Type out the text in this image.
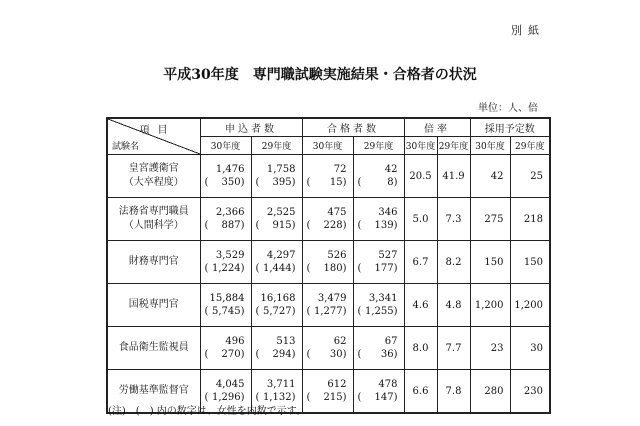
別紙
平成30年度　専門職試験実施結果・合格者の状況
単位：人、倍
項目
試験名	申込者数		合格者数		倍率		採用予定数	
	30年度	29年度	30年度	29年度	30年度	29年度	30年度	29年度

皇宮護衛官
（大卒程度）	1,476	1,758	72	42	20.5	41.9	42	25

	( 350)	( 395)	( 15)	( 8)				

法務省専門職員
（人間科学）	2,366	2,525	475	346	5.0	7.3	275	218

	( 887)	( 915)	( 228)	( 139)				

財務専門官	3,529	4,297	526	527	6.7	8.2	150	150

	( 1,224)	( 1,444)	( 180)	( 177)				

国税専門官	15,884	16,168	3,479	3,341	4.6	4.8	1,200	1,200

	( 5,745)	( 5,727)	( 1,277)	( 1,255)				

食品衛生監視員	496	513	62	67	8.0	7.7	23	30

	( 270)	( 294)	( 30)	( 36)				

労働基準監督官	4,045	3,711	612	478	6.6	7.8	280	230

	( 1,296)	( 1,132)	( 215)	( 147)				
(注)　(　) 内の数字は、女性を内数で示す。
